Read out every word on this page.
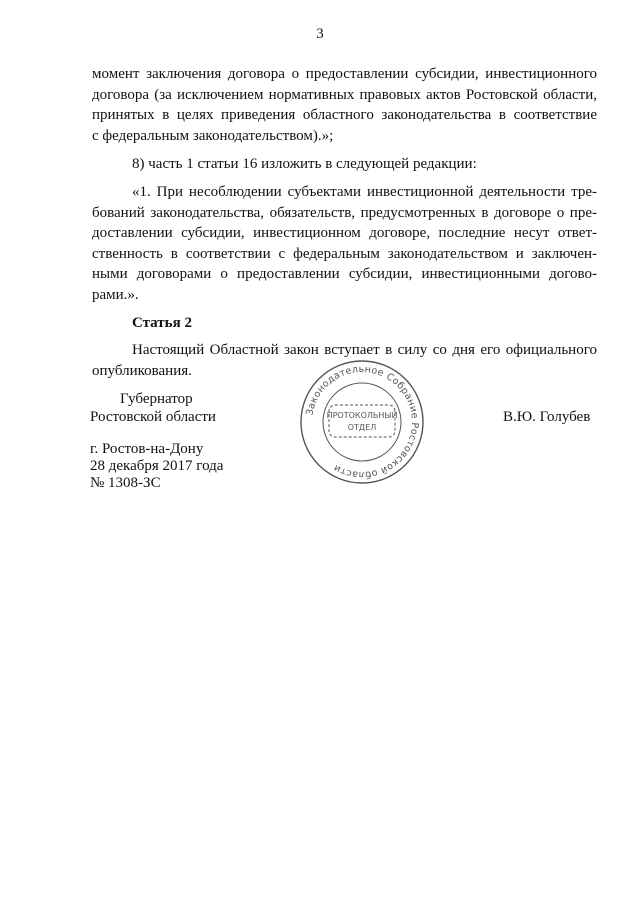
3
момент заключения договора о предоставлении субсидии, инвестиционного
договора (за исключением нормативных правовых актов Ростовской области,
принятых в целях приведения областного законодательства в соответствие
с федеральным законодательством).»;
8) часть 1 статьи 16 изложить в следующей редакции:
«1. При несоблюдении субъектами инвестиционной деятельности тре-
бований законодательства, обязательств, предусмотренных в договоре о пре-
доставлении субсидии, инвестиционном договоре, последние несут ответ-
ственность в соответствии с федеральным законодательством и заключен-
ными договорами о предоставлении субсидии, инвестиционными догово-
рами.».
Статья 2
Настоящий Областной закон вступает в силу со дня его официального
опубликования.
Губернатор
Ростовской области	В.Ю. Голубев
г. Ростов-на-Дону
28 декабря 2017 года
№ 1308-ЗС
Законодательное Собрание Ростовской области
ПРОТОКОЛЬНЫЙ
ОТДЕЛ
